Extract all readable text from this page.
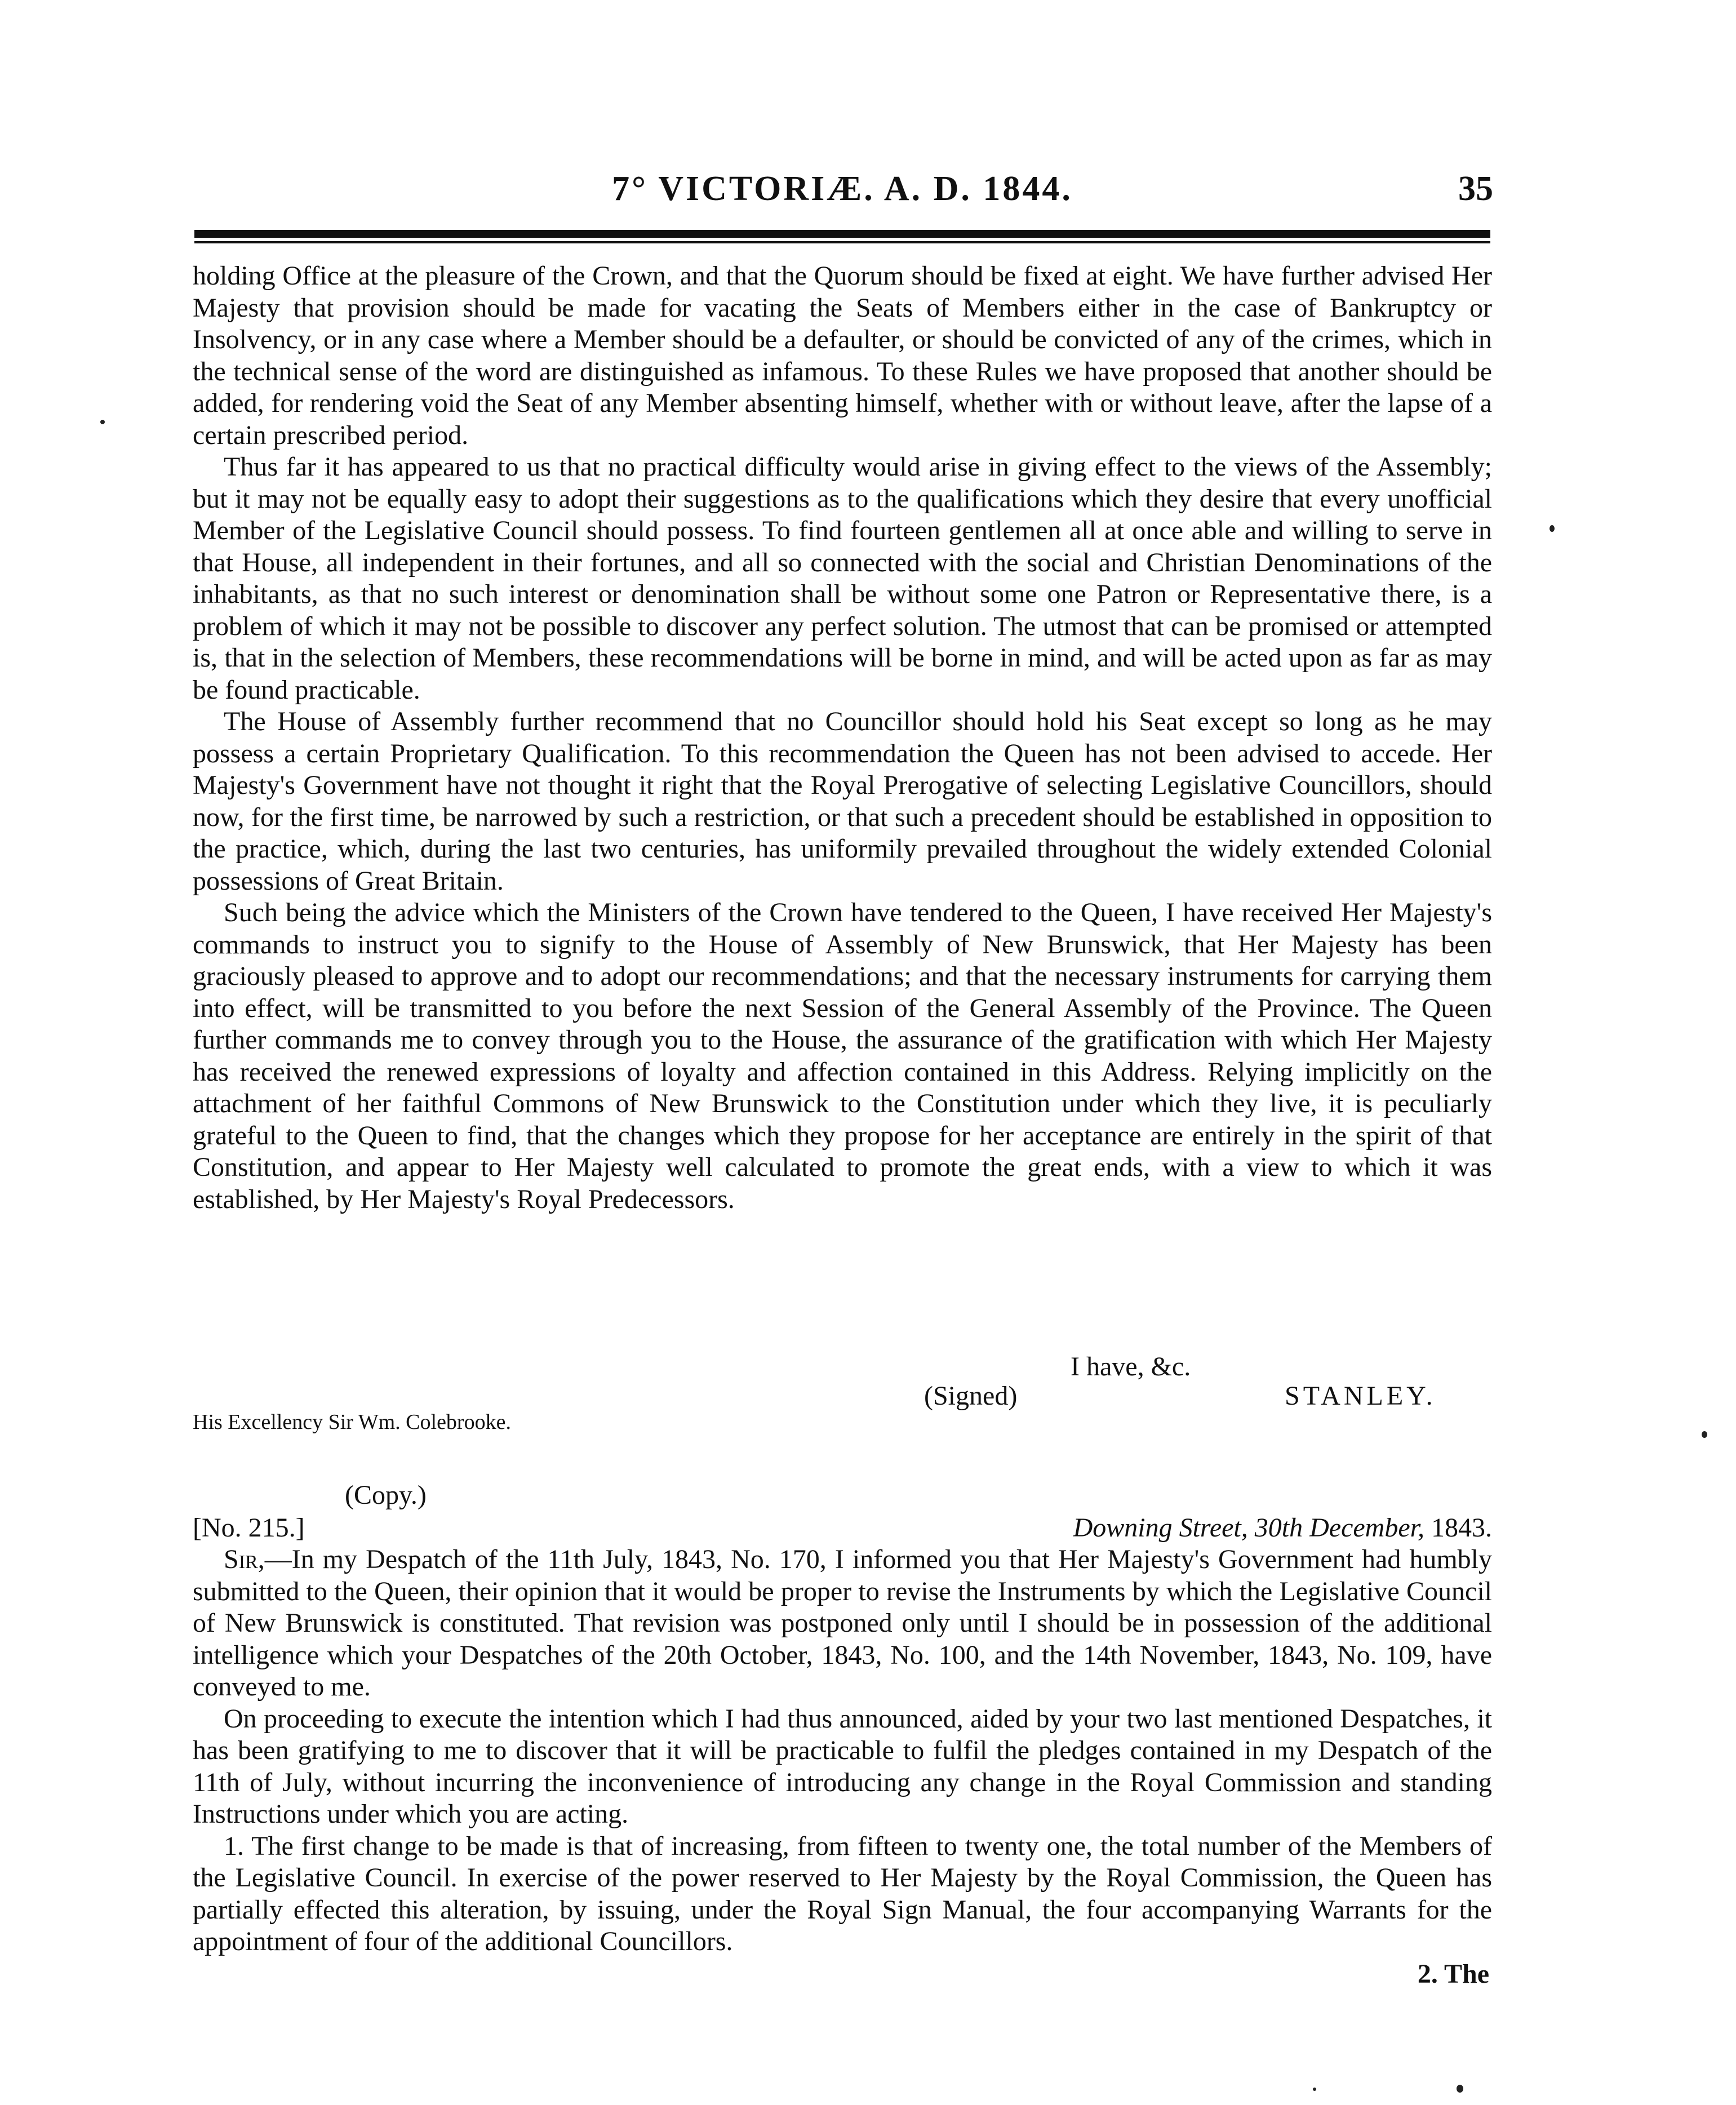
7° VICTORIÆ. A. D. 1844.	35

holding Office at the pleasure of the Crown, and that the Quorum should be fixed at eight. We have further advised Her Majesty that provision should be made for vacating the Seats of Members either in the case of Bankruptcy or Insolvency, or in any case where a Member should be a defaulter, or should be convicted of any of the crimes, which in the technical sense of the word are distinguished as infamous. To these Rules we have proposed that another should be added, for rendering void the Seat of any Member absenting himself, whether with or without leave, after the lapse of a certain prescribed period.

Thus far it has appeared to us that no practical difficulty would arise in giving effect to the views of the Assembly; but it may not be equally easy to adopt their suggestions as to the qualifications which they desire that every unofficial Member of the Legislative Council should possess. To find fourteen gentlemen all at once able and willing to serve in that House, all independent in their fortunes, and all so connected with the social and Christian Denominations of the inhabitants, as that no such interest or denomination shall be without some one Patron or Representative there, is a problem of which it may not be possible to discover any perfect solution. The utmost that can be promised or attempted is, that in the selection of Members, these recommendations will be borne in mind, and will be acted upon as far as may be found practicable.

The House of Assembly further recommend that no Councillor should hold his Seat except so long as he may possess a certain Proprietary Qualification. To this recommendation the Queen has not been advised to accede. Her Majesty's Government have not thought it right that the Royal Prerogative of selecting Legislative Councillors, should now, for the first time, be narrowed by such a restriction, or that such a precedent should be established in opposition to the practice, which, during the last two centuries, has uniformily prevailed throughout the widely extended Colonial possessions of Great Britain.

Such being the advice which the Ministers of the Crown have tendered to the Queen, I have received Her Majesty's commands to instruct you to signify to the House of Assembly of New Brunswick, that Her Majesty has been graciously pleased to approve and to adopt our recommendations; and that the necessary instruments for carrying them into effect, will be transmitted to you before the next Session of the General Assembly of the Province. The Queen further commands me to convey through you to the House, the assurance of the gratification with which Her Majesty has received the renewed expressions of loyalty and affection contained in this Address. Relying implicitly on the attachment of her faithful Commons of New Brunswick to the Constitution under which they live, it is peculiarly grateful to the Queen to find, that the changes which they propose for her acceptance are entirely in the spirit of that Constitution, and appear to Her Majesty well calculated to promote the great ends, with a view to which it was established, by Her Majesty's Royal Predecessors.

I have, &c.
(Signed)	STANLEY.
His Excellency Sir Wm. Colebrooke.
(Copy.)
[No. 215.]	Downing Street, 30th December, 1843.

Sir,—In my Despatch of the 11th July, 1843, No. 170, I informed you that Her Majesty's Government had humbly submitted to the Queen, their opinion that it would be proper to revise the Instruments by which the Legislative Council of New Brunswick is constituted. That revision was postponed only until I should be in possession of the additional intelligence which your Despatches of the 20th October, 1843, No. 100, and the 14th November, 1843, No. 109, have conveyed to me.

On proceeding to execute the intention which I had thus announced, aided by your two last mentioned Despatches, it has been gratifying to me to discover that it will be practicable to fulfil the pledges contained in my Despatch of the 11th of July, without incurring the inconvenience of introducing any change in the Royal Commission and standing Instructions under which you are acting.

1. The first change to be made is that of increasing, from fifteen to twenty one, the total number of the Members of the Legislative Council. In exercise of the power reserved to Her Majesty by the Royal Commission, the Queen has partially effected this alteration, by issuing, under the Royal Sign Manual, the four accompanying Warrants for the appointment of four of the additional Councillors.

2. The
